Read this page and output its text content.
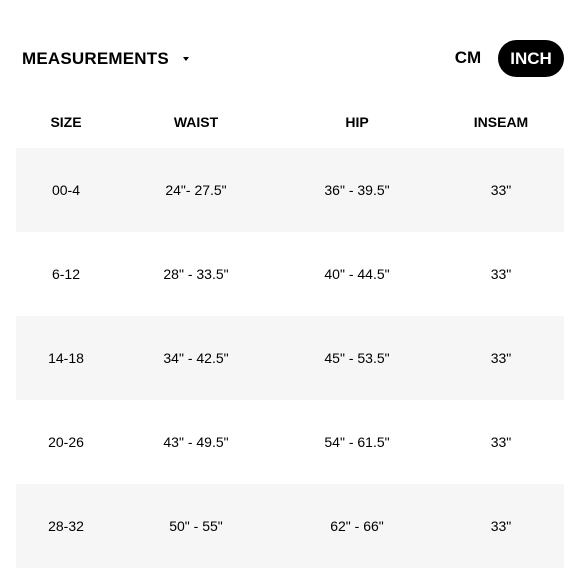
MEASUREMENTS	CM	INCH
SIZE	WAIST	HIP	INSEAM
00-4	24"- 27.5"	36" - 39.5"	33"
6-12	28" - 33.5"	40" - 44.5"	33"
14-18	34" - 42.5"	45" - 53.5"	33"
20-26	43" - 49.5"	54" - 61.5"	33"
28-32	50" - 55"	62" - 66"	33"
